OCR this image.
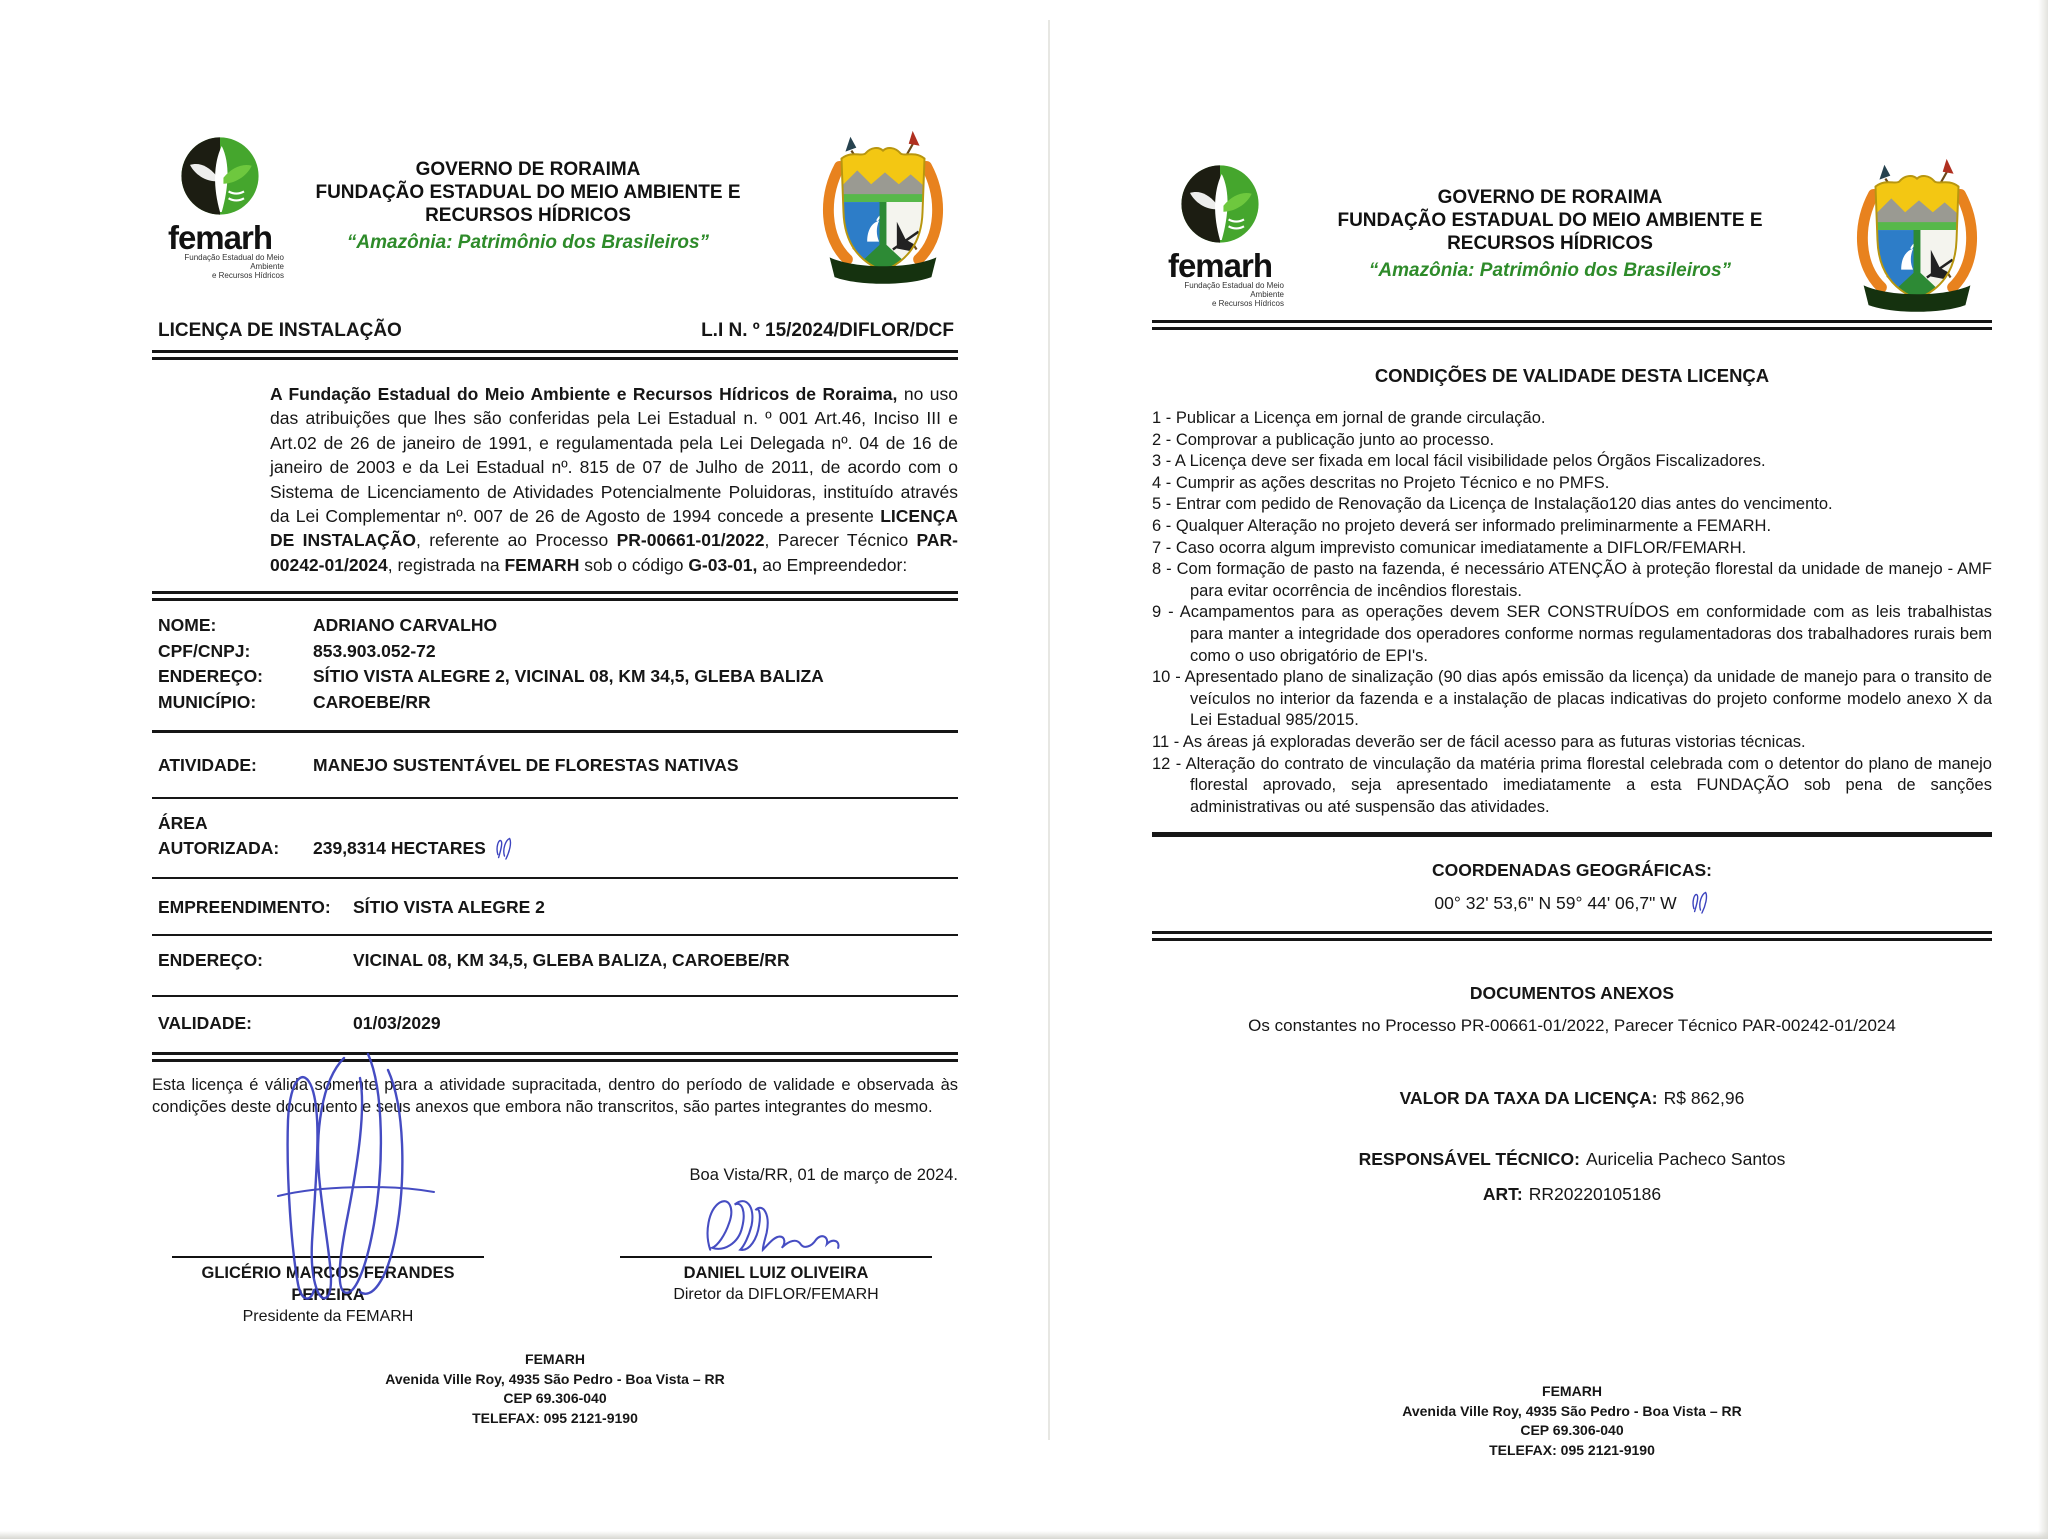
femarh
Fundação Estadual do Meio Ambiente
e Recursos Hídricos
GOVERNO DE RORAIMA
FUNDAÇÃO ESTADUAL DO MEIO AMBIENTE E
RECURSOS HÍDRICOS
“Amazônia: Patrimônio dos Brasileiros”
LICENÇA DE INSTALAÇÃO	L.I N. º 15/2024/DIFLOR/DCF

A Fundação Estadual do Meio Ambiente e Recursos Hídricos de Roraima, no uso das atribuições que lhes são conferidas pela Lei Estadual n. º 001 Art.46, Inciso III e Art.02 de 26 de janeiro de 1991, e regulamentada pela Lei Delegada nº. 04 de 16 de janeiro de 2003 e da Lei Estadual nº. 815 de 07 de Julho de 2011, de acordo com o Sistema de Licenciamento de Atividades Potencialmente Poluidoras, instituído através da Lei Complementar nº. 007 de 26 de Agosto de 1994 concede a presente LICENÇA DE INSTALAÇÃO, referente ao Processo PR-00661-01/2022, Parecer Técnico PAR-00242-01/2024, registrada na FEMARH sob o código G-03-01, ao Empreendedor:

NOME:	ADRIANO CARVALHO
CPF/CNPJ:	853.903.052-72
ENDEREÇO:	SÍTIO VISTA ALEGRE 2, VICINAL 08, KM 34,5, GLEBA BALIZA
MUNICÍPIO:	CAROEBE/RR
ATIVIDADE:	MANEJO SUSTENTÁVEL DE FLORESTAS NATIVAS
ÁREA
AUTORIZADA:	239,8314 HECTARES
EMPREENDIMENTO:	SÍTIO VISTA ALEGRE 2
ENDEREÇO:	VICINAL 08, KM 34,5, GLEBA BALIZA, CAROEBE/RR
VALIDADE:	01/03/2029

Esta licença é válida somente para a atividade supracitada, dentro do período de validade e observada às condições deste documento e seus anexos que embora não transcritos, são partes integrantes do mesmo.

Boa Vista/RR, 01 de março de 2024.
GLICÉRIO MARCOS FERANDES PEREIRA
Presidente da FEMARH
DANIEL LUIZ OLIVEIRA
Diretor da DIFLOR/FEMARH
FEMARH
Avenida Ville Roy, 4935 São Pedro - Boa Vista – RR
CEP 69.306-040
TELEFAX: 095 2121-9190
femarh
Fundação Estadual do Meio Ambiente
e Recursos Hídricos
GOVERNO DE RORAIMA
FUNDAÇÃO ESTADUAL DO MEIO AMBIENTE E
RECURSOS HÍDRICOS
“Amazônia: Patrimônio dos Brasileiros”
CONDIÇÕES DE VALIDADE DESTA LICENÇA
1 - Publicar a Licença em jornal de grande circulação.
2 - Comprovar a publicação junto ao processo.
3 - A Licença deve ser fixada em local fácil visibilidade pelos Órgãos Fiscalizadores.
4 - Cumprir as ações descritas no Projeto Técnico e no PMFS.
5 - Entrar com pedido de Renovação da Licença de Instalação120 dias antes do vencimento.
6 - Qualquer Alteração no projeto deverá ser informado preliminarmente a FEMARH.
7 - Caso ocorra algum imprevisto comunicar imediatamente a DIFLOR/FEMARH.
8 - Com formação de pasto na fazenda, é necessário ATENÇÃO à proteção florestal da unidade de manejo - AMF para evitar ocorrência de incêndios florestais.
9 - Acampamentos para as operações devem SER CONSTRUÍDOS em conformidade com as leis trabalhistas para manter a integridade dos operadores conforme normas regulamentadoras dos trabalhadores rurais bem como o uso obrigatório de EPI's.
10 - Apresentado plano de sinalização (90 dias após emissão da licença) da unidade de manejo para o transito de veículos no interior da fazenda e a instalação de placas indicativas do projeto conforme modelo anexo X da Lei Estadual 985/2015.
11 - As áreas já exploradas deverão ser de fácil acesso para as futuras vistorias técnicas.
12 - Alteração do contrato de vinculação da matéria prima florestal celebrada com o detentor do plano de manejo florestal aprovado, seja apresentado imediatamente a esta FUNDAÇÃO sob pena de sanções administrativas ou até suspensão das atividades.
COORDENADAS GEOGRÁFICAS:
00° 32' 53,6" N 59° 44' 06,7" W
DOCUMENTOS ANEXOS
Os constantes no Processo PR-00661-01/2022, Parecer Técnico PAR-00242-01/2024
VALOR DA TAXA DA LICENÇA: R$ 862,96
RESPONSÁVEL TÉCNICO: Auricelia Pacheco Santos
ART: RR20220105186
FEMARH
Avenida Ville Roy, 4935 São Pedro - Boa Vista – RR
CEP 69.306-040
TELEFAX: 095 2121-9190
